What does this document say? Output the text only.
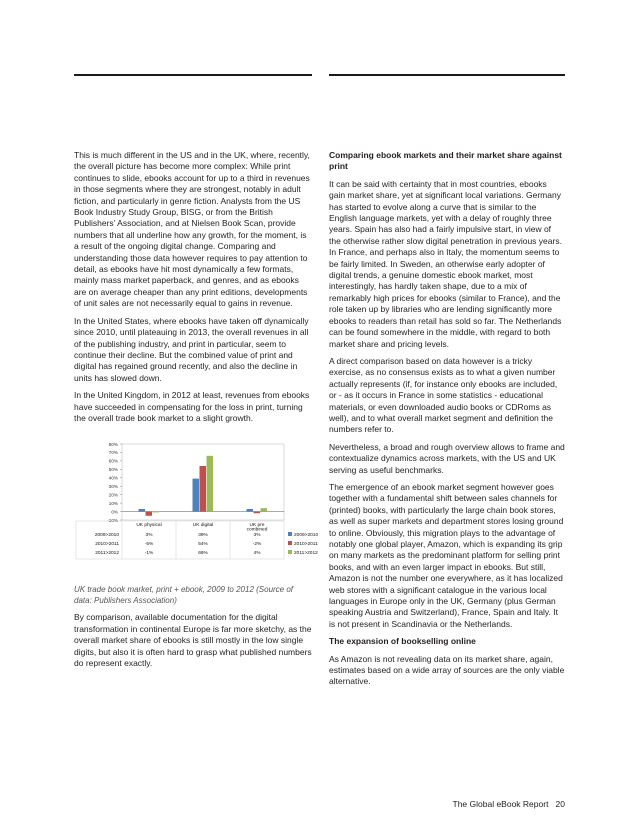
This is much different in the US and in the UK, where, recently, the overall picture has become more complex: While print continues to slide, ebooks account for up to a third in revenues in those segments where they are strongest, notably in adult fiction, and particularly in genre fiction. Analysts from the US Book Industry Study Group, BISG, or from the British Publishers’ Association, and at Nielsen Book Scan, provide numbers that all underline how any growth, for the moment, is a result of the ongoing digital change. Comparing and understanding those data however requires to pay attention to detail, as ebooks have hit most dynamically a few formats, mainly mass market paperback, and genres, and as ebooks are on average cheaper than any print editions, developments of unit sales are not necessarily equal to gains in revenue.

In the United States, where ebooks have taken off dynamically since 2010, until plateauing in 2013, the overall revenues in all of the publishing industry, and print in particular, seem to continue their decline. But the combined value of print and digital has regained ground recently, and also the decline in units has slowed down.

In the United Kingdom, in 2012 at least, revenues from ebooks have succeeded in compensating for the loss in print, turning the overall trade book market to a slight growth.

-10%
0%
10%
20%
30%
40%
50%
60%
70%
80%
UK physical	UK digital	UK pre
combined
2009>2010	3%	39%	3%	2009>2010
2010>2011	-5%	54%	-2%	2010>2011
2011>2012	-1%	66%	4%	2011>2012

UK trade book market, print + ebook, 2009 to 2012 (Source of data: Publishers Association)

By comparison, available documentation for the digital transformation in continental Europe is far more sketchy, as the overall market share of ebooks is still mostly in the low single digits, but also it is often hard to grasp what published numbers do represent exactly.

Comparing ebook markets and their market share against print

It can be said with certainty that in most countries, ebooks gain market share, yet at significant local variations. Germany has started to evolve along a curve that is similar to the English language markets, yet with a delay of roughly three years. Spain has also had a fairly impulsive start, in view of the otherwise rather slow digital penetration in previous years. In France, and perhaps also in Italy, the momentum seems to be fairly limited. In Sweden, an otherwise early adopter of digital trends, a genuine domestic ebook market, most interestingly, has hardly taken shape, due to a mix of remarkably high prices for ebooks (similar to France), and the role taken up by libraries who are lending significantly more ebooks to readers than retail has sold so far. The Netherlands can be found somewhere in the middle, with regard to both market share and pricing levels.

A direct comparison based on data however is a tricky exercise, as no consensus exists as to what a given number actually represents (if, for instance only ebooks are included, or - as it occurs in France in some statistics - educational materials, or even downloaded audio books or CDRoms as well), and to what overall market segment and definition the numbers refer to.

Nevertheless, a broad and rough overview allows to frame and contextualize dynamics across markets, with the US and UK serving as useful benchmarks.

The emergence of an ebook market segment however goes together with a fundamental shift between sales channels for (printed) books, with particularly the large chain book stores, as well as super markets and department stores losing ground to online. Obviously, this migration plays to the advantage of notably one global player, Amazon, which is expanding its grip on many markets as the predominant platform for selling print books, and with an even larger impact in ebooks. But still, Amazon is not the number one everywhere, as it has localized web stores with a significant catalogue in the various local languages in Europe only in the UK, Germany (plus German speaking Austria and Switzerland), France, Spain and Italy. It is not present in Scandinavia or the Netherlands.

The expansion of bookselling online

As Amazon is not revealing data on its market share, again, estimates based on a wide array of sources are the only viable alternative.

The Global eBook Report 20
